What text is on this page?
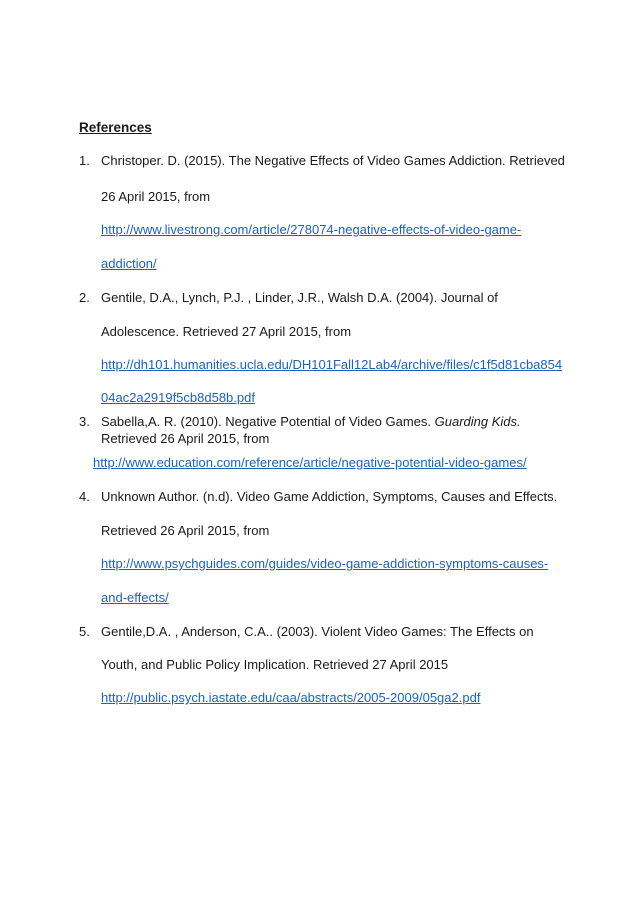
References
1. Christoper. D. (2015). The Negative Effects of Video Games Addiction. Retrieved
26 April 2015, from
http://www.livestrong.com/article/278074-negative-effects-of-video-game-
addiction/
2. Gentile, D.A., Lynch, P.J. , Linder, J.R., Walsh D.A. (2004). Journal of
Adolescence. Retrieved 27 April 2015, from
http://dh101.humanities.ucla.edu/DH101Fall12Lab4/archive/files/c1f5d81cba854
04ac2a2919f5cb8d58b.pdf
3. Sabella,A. R. (2010). Negative Potential of Video Games. Guarding Kids.
Retrieved 26 April 2015, from
http://www.education.com/reference/article/negative-potential-video-games/
4. Unknown Author. (n.d). Video Game Addiction, Symptoms, Causes and Effects.
Retrieved 26 April 2015, from
http://www.psychguides.com/guides/video-game-addiction-symptoms-causes-
and-effects/
5. Gentile,D.A. , Anderson, C.A.. (2003). Violent Video Games: The Effects on
Youth, and Public Policy Implication. Retrieved 27 April 2015
http://public.psych.iastate.edu/caa/abstracts/2005-2009/05ga2.pdf
